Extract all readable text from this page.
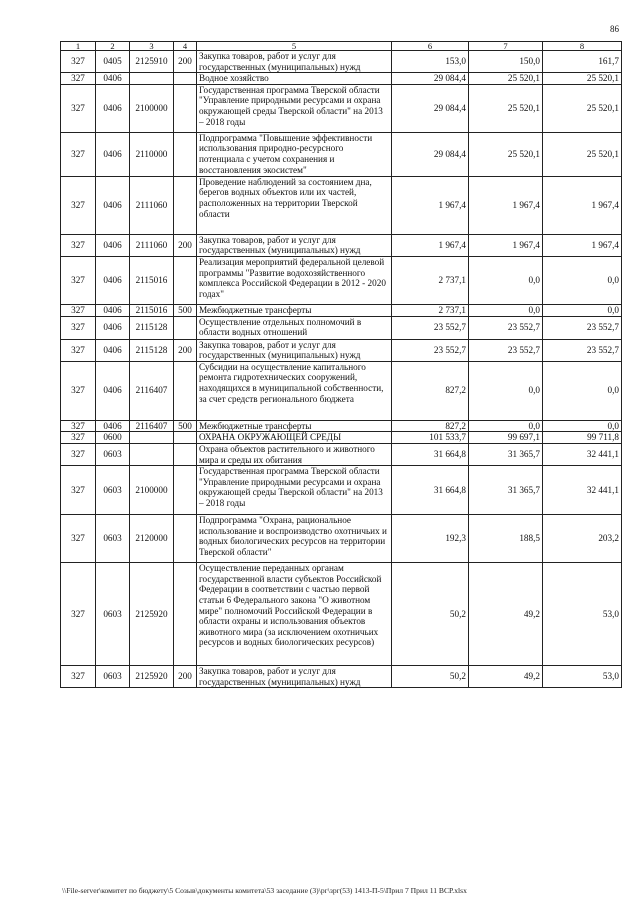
86
1	2	3	4	5	6	7	8
327	0405	2125910	200	Закупка товаров, работ и услуг для государственных (муниципальных) нужд	153,0	150,0	161,7
327	0406			Водное хозяйство	29 084,4	25 520,1	25 520,1
327	0406	2100000		Государственная программа Тверской области "Управление природными ресурсами и охрана окружающей среды Тверской области" на 2013 – 2018 годы	29 084,4	25 520,1	25 520,1
327	0406	2110000		Подпрограмма "Повышение эффективности использования природно-ресурсного потенциала с учетом сохранения и восстановления экосистем"	29 084,4	25 520,1	25 520,1
327	0406	2111060		Проведение наблюдений за состоянием дна, берегов водных объектов или их частей, расположенных на территории Тверской области	1 967,4	1 967,4	1 967,4
327	0406	2111060	200	Закупка товаров, работ и услуг для государственных (муниципальных) нужд	1 967,4	1 967,4	1 967,4
327	0406	2115016		Реализация мероприятий федеральной целевой программы "Развитие водохозяйственного комплекса Российской Федерации в 2012 - 2020 годах"	2 737,1	0,0	0,0
327	0406	2115016	500	Межбюджетные трансферты	2 737,1	0,0	0,0
327	0406	2115128		Осуществление отдельных полномочий в области водных отношений	23 552,7	23 552,7	23 552,7
327	0406	2115128	200	Закупка товаров, работ и услуг для государственных (муниципальных) нужд	23 552,7	23 552,7	23 552,7
327	0406	2116407		Субсидии на осуществление капитального ремонта гидротехнических сооружений, находящихся в муниципальной собственности, за счет средств регионального бюджета	827,2	0,0	0,0
327	0406	2116407	500	Межбюджетные трансферты	827,2	0,0	0,0
327	0600			ОХРАНА ОКРУЖАЮЩЕЙ СРЕДЫ	101 533,7	99 697,1	99 711,8
327	0603			Охрана объектов растительного и животного мира и среды их обитания	31 664,8	31 365,7	32 441,1
327	0603	2100000		Государственная программа Тверской области "Управление природными ресурсами и охрана окружающей среды Тверской области" на 2013 – 2018 годы	31 664,8	31 365,7	32 441,1
327	0603	2120000		Подпрограмма "Охрана, рациональное использование и воспроизводство охотничьих и водных биологических ресурсов на территории Тверской области"	192,3	188,5	203,2
327	0603	2125920		Осуществление переданных органам государственной власти субъектов Российской Федерации в соответствии с частью первой статьи 6 Федерального закона "О животном мире" полномочий Российской Федерации в области охраны и использования объектов животного мира (за исключением охотничьих ресурсов и водных биологических ресурсов)	50,2	49,2	53,0
327	0603	2125920	200	Закупка товаров, работ и услуг для государственных (муниципальных) нужд	50,2	49,2	53,0
\\File-server\комитет по бюджету\5 Созыв\документы комитета\53 заседание (3)\рг\зрг(53) 1413-П-5\Прил 7 Прил 11 ВСР.xlsx
